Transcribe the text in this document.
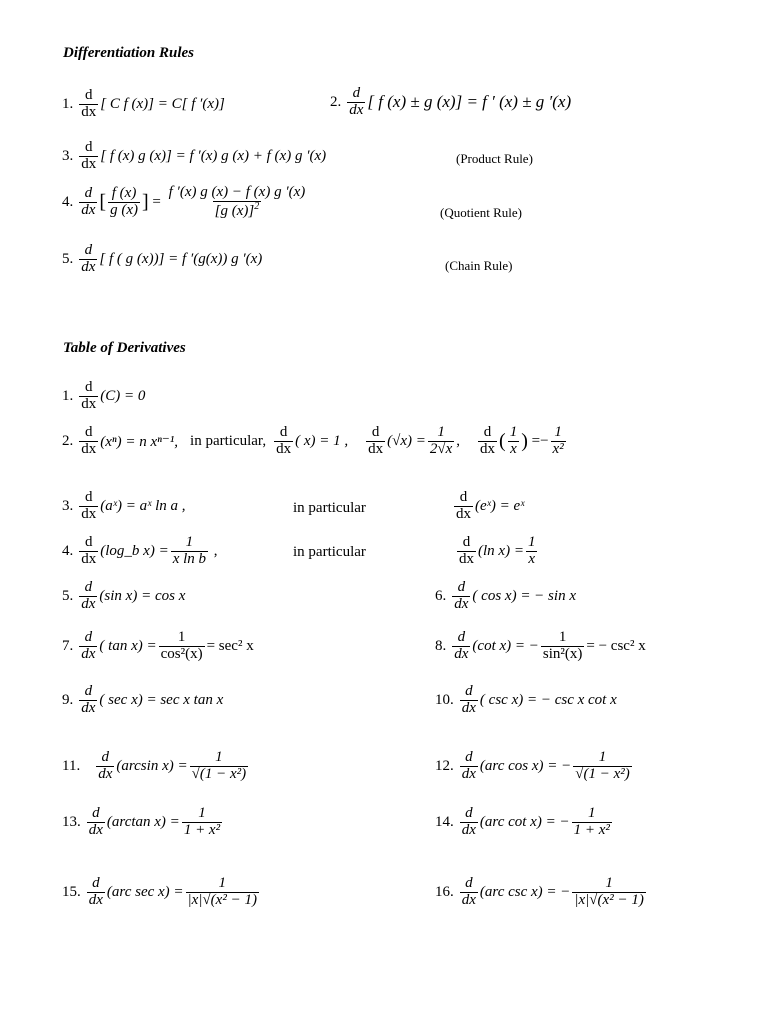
Differentiation Rules
1. $\frac{d}{dx}$ [ C f (x)] = C[ f ′(x)]	2. $\frac{d}{dx}$ [ f (x) ± g (x)] = f ′ (x) ± g ′(x)
3. $\frac{d}{dx}$ [ f (x) g (x)] = f ′(x) g (x) + f (x) g ′(x)	(Product Rule)
4. $\frac{d}{dx}$ [ $\frac{f (x)}{g (x)}$ ] = $\frac{f '(x) g (x) - f (x) g '(x)}{[g (x)]^2}$	(Quotient Rule)
5. $\frac{d}{dx}$ [ f ( g (x))] = f ′(g(x)) g ′(x)	(Chain Rule)
Table of Derivatives
1. $\frac{d}{dx} (C) = 0$
2. $\frac{d}{dx} (x^n) = n$ xⁿ⁻¹, in particular, $\frac{d}{dx}$ ( x) = 1 , $\frac{d}{dx} (√x) = \frac{1}{2√x}$ , $\frac{d}{dx}$ ( $\frac{1}{x}$ ) =− $\frac{1}{\text{x²}}$
3. $\frac{d}{dx}$ (aˣ) = aˣ ln a ,	in particular	$\frac{d}{dx}$ (eˣ) = eˣ
4. $\frac{d}{dx}$ (log_b $x) = \frac{1}{\text{x ln b}}$ ,	in particular	$\frac{d}{dx} (\ln$ $x) = \frac{1}{x}$
5. $\frac{d}{dx} (\sin$ x) = cos x	6. $\frac{d}{dx}$ ( cos x) = − sin x
7. $\frac{d}{dx}$ ( $\tan x) = \frac{1}{\text{cos²(x)}} = \sec^2$ x	8. $\frac{d}{dx} (\cot$ x) = − $\frac{1}{\text{sin²(x)}}$ = − csc² x
9. $\frac{d}{dx}$ ( sec x) = sec x tan x	10. $\frac{d}{dx}$ ( csc x) = − csc x cot x
11. $\frac{d}{dx} (\arcsin$ $x) = \frac{1}{\text{√(1 − x²)}}$	12. $\frac{d}{dx} (arc$ cos x) = − $\frac{1}{\text{√(1 − x²)}}$
13. $\frac{d}{dx} (\arctan$ $x) = \frac{1}{\text{1 + x²}}$	14. $\frac{d}{dx} (arc$ cot x) = − $\frac{1}{\text{1 + x²}}$
15. $\frac{d}{dx} (arc$ $\sec x) = \frac{1}{\text{|x|√(x² − 1)}}$	16. $\frac{d}{dx} (arc$ csc x) = − $\frac{1}{\text{|x|√(x² − 1)}}$
